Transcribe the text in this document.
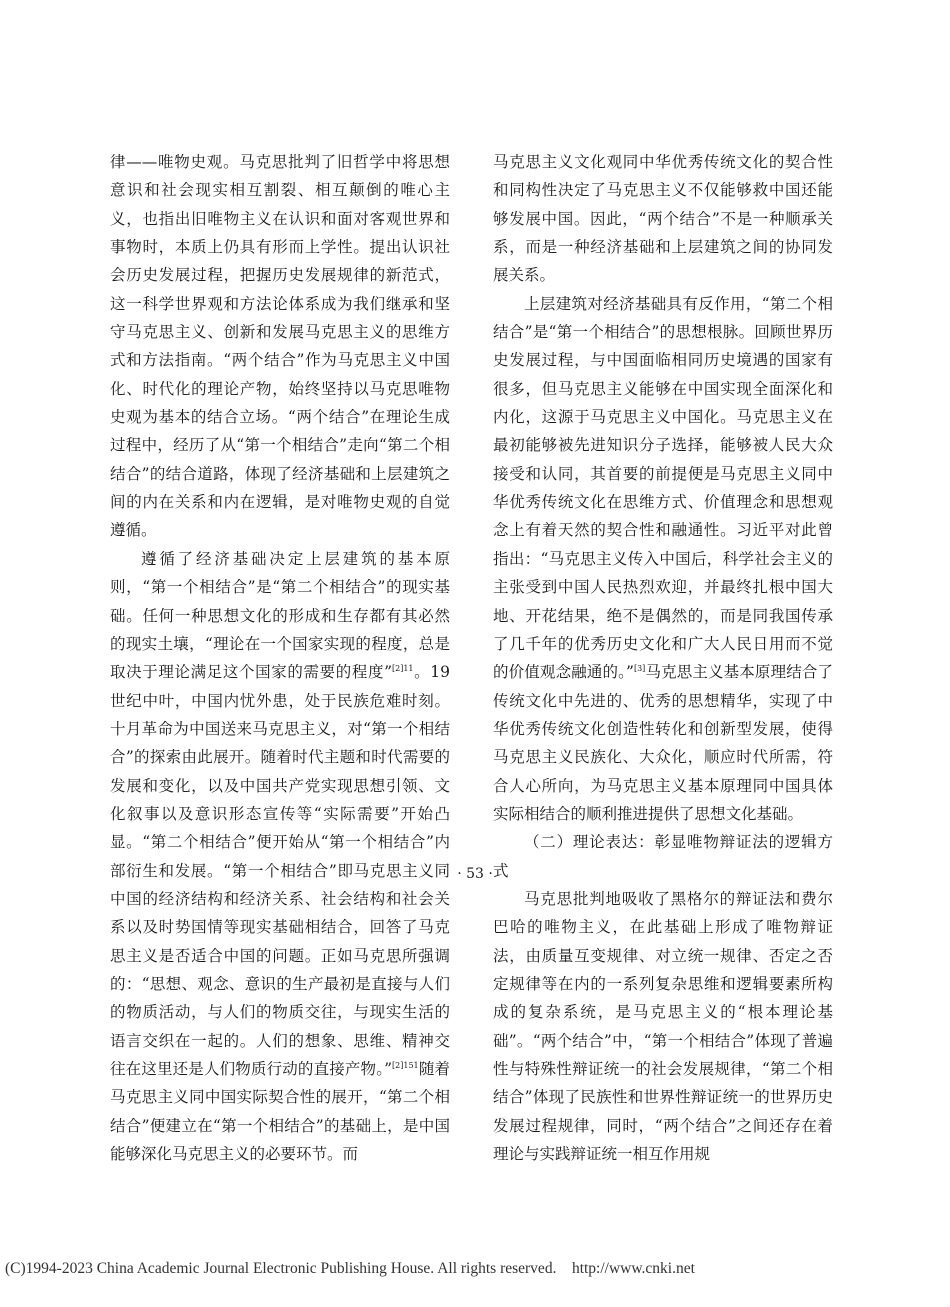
律——唯物史观。马克思批判了旧哲学中将思想意识和社会现实相互割裂、相互颠倒的唯心主义，也指出旧唯物主义在认识和面对客观世界和事物时，本质上仍具有形而上学性。提出认识社会历史发展过程，把握历史发展规律的新范式，这一科学世界观和方法论体系成为我们继承和坚守马克思主义、创新和发展马克思主义的思维方式和方法指南。“两个结合”作为马克思主义中国化、时代化的理论产物，始终坚持以马克思唯物史观为基本的结合立场。“两个结合”在理论生成过程中，经历了从“第一个相结合”走向“第二个相结合”的结合道路，体现了经济基础和上层建筑之间的内在关系和内在逻辑，是对唯物史观的自觉遵循。

遵循了经济基础决定上层建筑的基本原则，“第一个相结合”是“第二个相结合”的现实基础。任何一种思想文化的形成和生存都有其必然的现实土壤，“理论在一个国家实现的程度，总是取决于理论满足这个国家的需要的程度”$^{[2]11}$。19世纪中叶，中国内忧外患，处于民族危难时刻。十月革命为中国送来马克思主义，对“第一个相结合”的探索由此展开。随着时代主题和时代需要的发展和变化，以及中国共产党实现思想引领、文化叙事以及意识形态宣传等“实际需要”开始凸显。“第二个相结合”便开始从“第一个相结合”内部衍生和发展。“第一个相结合”即马克思主义同中国的经济结构和经济关系、社会结构和社会关系以及时势国情等现实基础相结合，回答了马克思主义是否适合中国的问题。正如马克思所强调的：“思想、观念、意识的生产最初是直接与人们的物质活动，与人们的物质交往，与现实生活的语言交织在一起的。人们的想象、思维、精神交往在这里还是人们物质行动的直接产物。”$^{[2]151}$随着马克思主义同中国实际契合性的展开，“第二个相结合”便建立在“第一个相结合”的基础上，是中国能够深化马克思主义的必要环节。而

马克思主义文化观同中华优秀传统文化的契合性和同构性决定了马克思主义不仅能够救中国还能够发展中国。因此，“两个结合”不是一种顺承关系，而是一种经济基础和上层建筑之间的协同发展关系。

上层建筑对经济基础具有反作用，“第二个相结合”是“第一个相结合”的思想根脉。回顾世界历史发展过程，与中国面临相同历史境遇的国家有很多，但马克思主义能够在中国实现全面深化和内化，这源于马克思主义中国化。马克思主义在最初能够被先进知识分子选择，能够被人民大众接受和认同，其首要的前提便是马克思主义同中华优秀传统文化在思维方式、价值理念和思想观念上有着天然的契合性和融通性。习近平对此曾指出：“马克思主义传入中国后，科学社会主义的主张受到中国人民热烈欢迎，并最终扎根中国大地、开花结果，绝不是偶然的，而是同我国传承了几千年的优秀历史文化和广大人民日用而不觉的价值观念融通的。”[3]马克思主义基本原理结合了传统文化中先进的、优秀的思想精华，实现了中华优秀传统文化创造性转化和创新型发展，使得马克思主义民族化、大众化，顺应时代所需，符合人心所向，为马克思主义基本原理同中国具体实际相结合的顺利推进提供了思想文化基础。

（二）理论表达：彰显唯物辩证法的逻辑方式

马克思批判地吸收了黑格尔的辩证法和费尔巴哈的唯物主义，在此基础上形成了唯物辩证法，由质量互变规律、对立统一规律、否定之否定规律等在内的一系列复杂思维和逻辑要素所构成的复杂系统，是马克思主义的“根本理论基础”。“两个结合”中，“第一个相结合”体现了普遍性与特殊性辩证统一的社会发展规律，“第二个相结合”体现了民族性和世界性辩证统一的世界历史发展过程规律，同时，“两个结合”之间还存在着理论与实践辩证统一相互作用规

· 53 ·
(C)1994-2023 China Academic Journal Electronic Publishing House. All rights reserved.    http://www.cnki.net
